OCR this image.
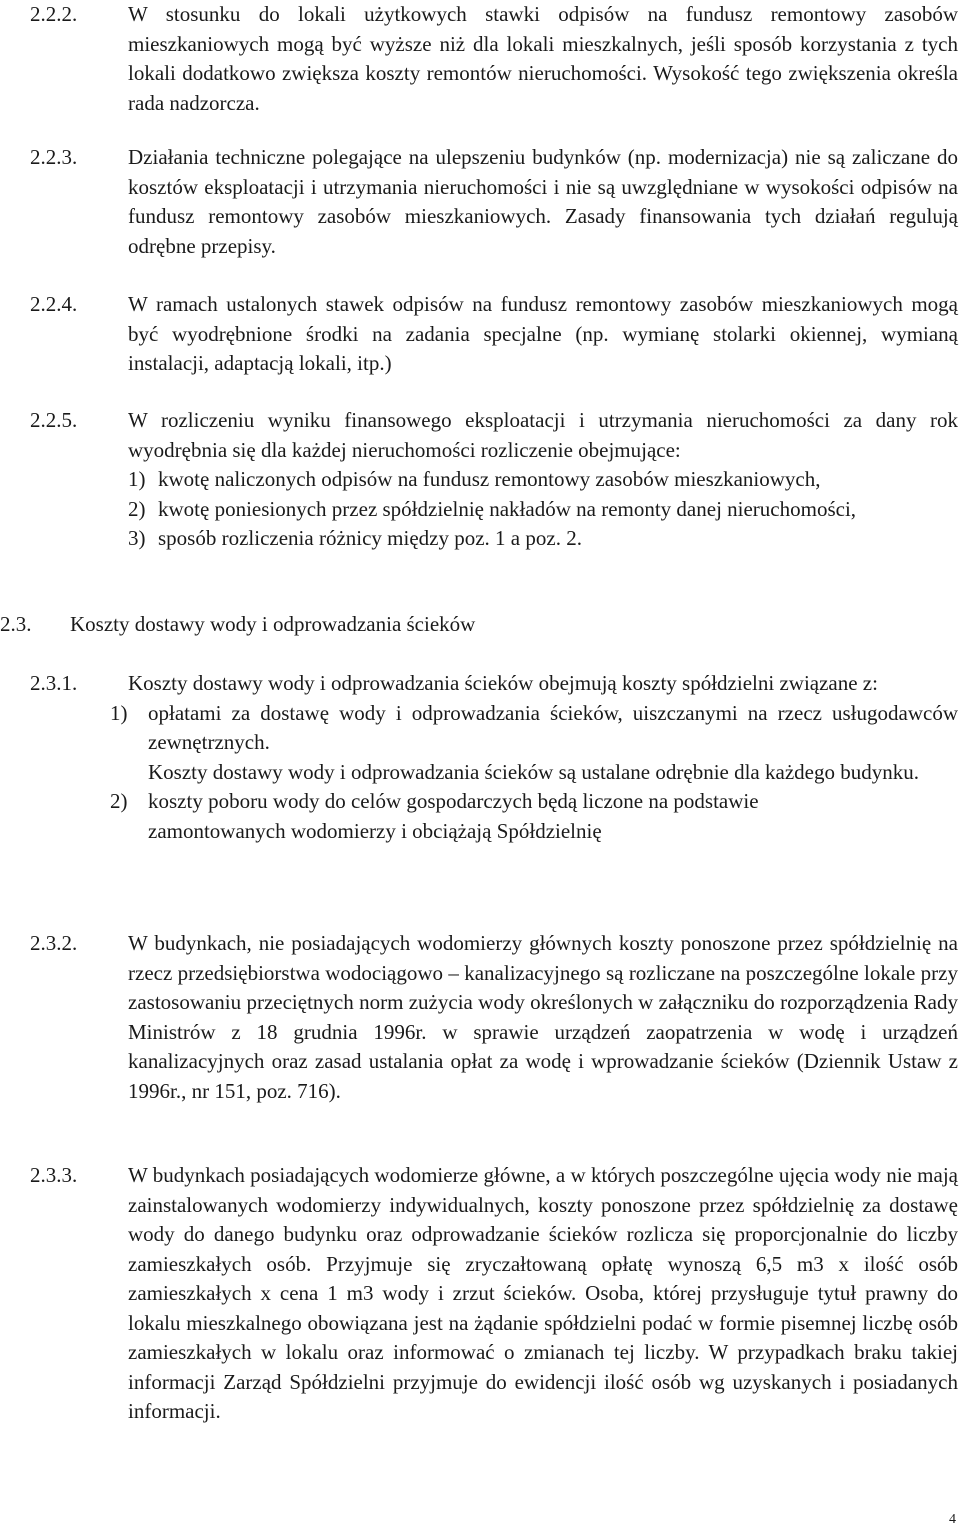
2.2.2.	W stosunku do lokali użytkowych stawki odpisów na fundusz remontowy zasobów mieszkaniowych mogą być wyższe niż dla lokali mieszkalnych, jeśli sposób korzystania z tych lokali dodatkowo zwiększa koszty remontów nieruchomości. Wysokość tego zwiększenia określa rada nadzorcza.
2.2.3.	Działania techniczne polegające na ulepszeniu budynków (np. modernizacja) nie są zaliczane do kosztów eksploatacji i utrzymania nieruchomości i nie są uwzględniane w wysokości odpisów na fundusz remontowy zasobów mieszkaniowych. Zasady finansowania tych działań regulują odrębne przepisy.
2.2.4.	W ramach ustalonych stawek odpisów na fundusz remontowy zasobów mieszkaniowych mogą być wyodrębnione środki na zadania specjalne (np. wymianę stolarki okiennej, wymianą instalacji, adaptacją lokali, itp.)
2.2.5.	W rozliczeniu wyniku finansowego eksploatacji i utrzymania nieruchomości za dany rok wyodrębnia się dla każdej nieruchomości rozliczenie obejmujące:
1) kwotę naliczonych odpisów na fundusz remontowy zasobów mieszkaniowych,
2) kwotę poniesionych przez spółdzielnię nakładów na remonty danej nieruchomości,
3) sposób rozliczenia różnicy między poz. 1 a poz. 2.
2.3.	Koszty dostawy wody i odprowadzania ścieków
2.3.1.	Koszty dostawy wody i odprowadzania ścieków obejmują koszty spółdzielni związane z:
1) opłatami za dostawę wody i odprowadzania ścieków, uiszczanymi na rzecz usługodawców zewnętrznych.
Koszty dostawy wody i odprowadzania ścieków są ustalane odrębnie dla każdego budynku.
2) koszty poboru wody do celów gospodarczych będą liczone na podstawie zamontowanych wodomierzy i obciążają Spółdzielnię
2.3.2.	W budynkach, nie posiadających wodomierzy głównych koszty ponoszone przez spółdzielnię na rzecz przedsiębiorstwa wodociągowo – kanalizacyjnego są rozliczane na poszczególne lokale przy zastosowaniu przeciętnych norm zużycia wody określonych w załączniku do rozporządzenia Rady Ministrów z 18 grudnia 1996r. w sprawie urządzeń zaopatrzenia w wodę i urządzeń kanalizacyjnych oraz zasad ustalania opłat za wodę i wprowadzanie ścieków (Dziennik Ustaw z 1996r., nr 151, poz. 716).
2.3.3.	W budynkach posiadających wodomierze główne, a w których poszczególne ujęcia wody nie mają zainstalowanych wodomierzy indywidualnych, koszty ponoszone przez spółdzielnię za dostawę wody do danego budynku oraz odprowadzanie ścieków rozlicza się proporcjonalnie do liczby zamieszkałych osób. Przyjmuje się zryczałtowaną opłatę wynoszą 6,5 m3 x ilość osób zamieszkałych x cena 1 m3 wody i zrzut ścieków. Osoba, której przysługuje tytuł prawny do lokalu mieszkalnego obowiązana jest na żądanie spółdzielni podać w formie pisemnej liczbę osób zamieszkałych w lokalu oraz informować o zmianach tej liczby. W przypadkach braku takiej informacji Zarząd Spółdzielni przyjmuje do ewidencji ilość osób wg uzyskanych i posiadanych informacji.
4
